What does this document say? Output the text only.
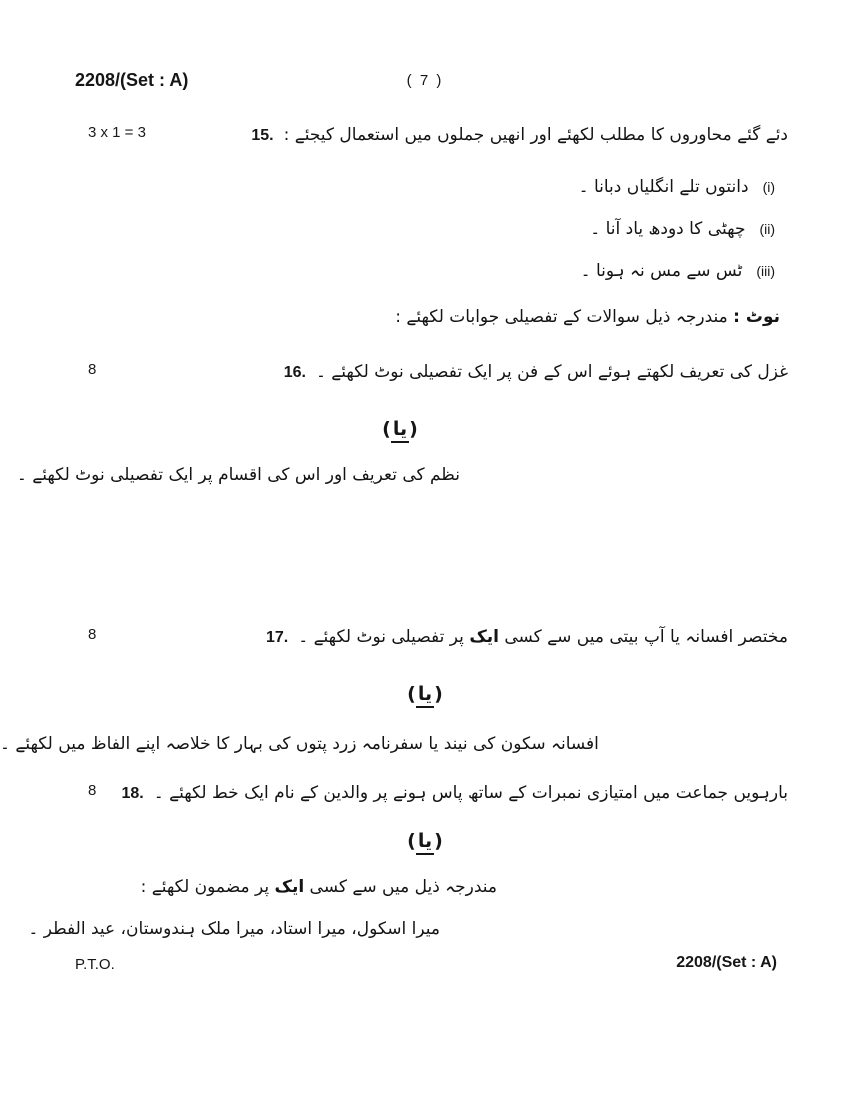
2208/(Set : A)	( 7 )
3 x 1 = 3	15. دئے گئے محاوروں کا مطلب لکھئے اور انھیں جملوں میں استعمال کیجئے :
دانتوں تلے انگلیاں دبانا ۔ (i)
چھٹی کا دودھ یاد آنا ۔ (ii)
ٹس سے مس نہ ہونا ۔ (iii)
نوٹ : مندرجہ ذیل سوالات کے تفصیلی جوابات لکھئے :
8	16. غزل کی تعریف لکھتے ہوئے اس کے فن پر ایک تفصیلی نوٹ لکھئے ۔
(یا)
نظم کی تعریف اور اس کی اقسام پر ایک تفصیلی نوٹ لکھئے ۔
8	17.	مختصر افسانہ یا آپ بیتی میں سے کسی ایک پر تفصیلی نوٹ لکھئے ۔
(یا)
افسانہ سکون کی نیند یا سفرنامہ زرد پتوں کی بہار کا خلاصہ اپنے الفاظ میں لکھئے ۔
8 18. بارہویں جماعت میں امتیازی نمبرات کے ساتھ پاس ہونے پر والدین کے نام ایک خط لکھئے ۔
(یا)
مندرجہ ذیل میں سے کسی ایک پر مضمون لکھئے :
میرا اسکول، میرا استاد، میرا ملک ہندوستان، عید الفطر ۔
P.T.O.	2208/(Set : A)
